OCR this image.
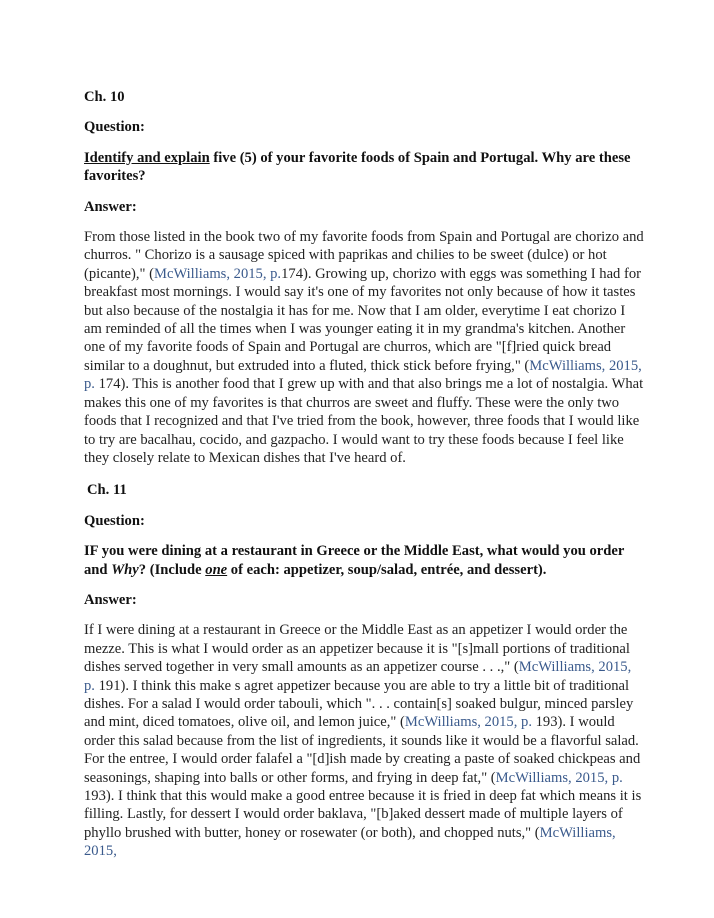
Ch. 10

Question:

Identify and explain five (5) of your favorite foods of Spain and Portugal. Why are these favorites?

Answer:

From those listed in the book two of my favorite foods from Spain and Portugal are chorizo and churros. " Chorizo is a sausage spiced with paprikas and chilies to be sweet (dulce) or hot (picante)," (McWilliams, 2015, p.174). Growing up, chorizo with eggs was something I had for breakfast most mornings. I would say it's one of my favorites not only because of how it tastes but also because of the nostalgia it has for me. Now that I am older, everytime I eat chorizo I am reminded of all the times when I was younger eating it in my grandma's kitchen. Another one of my favorite foods of Spain and Portugal are churros, which are "[f]ried quick bread similar to a doughnut, but extruded into a fluted, thick stick before frying," (McWilliams, 2015, p. 174). This is another food that I grew up with and that also brings me a lot of nostalgia. What makes this one of my favorites is that churros are sweet and fluffy. These were the only two foods that I recognized and that I've tried from the book, however, three foods that I would like to try are bacalhau, cocido, and gazpacho. I would want to try these foods because I feel like they closely relate to Mexican dishes that I've heard of.

Ch. 11

Question:

IF you were dining at a restaurant in Greece or the Middle East, what would you order and Why? (Include one of each: appetizer, soup/salad, entrée, and dessert).

Answer:

If I were dining at a restaurant in Greece or the Middle East as an appetizer I would order the mezze. This is what I would order as an appetizer because it is "[s]mall portions of traditional dishes served together in very small amounts as an appetizer course . . .," (McWilliams, 2015, p. 191). I think this make s agret appetizer because you are able to try a little bit of traditional dishes. For a salad I would order tabouli, which ". . . contain[s] soaked bulgur, minced parsley and mint, diced tomatoes, olive oil, and lemon juice," (McWilliams, 2015, p. 193). I would order this salad because from the list of ingredients, it sounds like it would be a flavorful salad. For the entree, I would order falafel a "[d]ish made by creating a paste of soaked chickpeas and seasonings, shaping into balls or other forms, and frying in deep fat," (McWilliams, 2015, p. 193). I think that this would make a good entree because it is fried in deep fat which means it is filling. Lastly, for dessert I would order baklava, "[b]aked dessert made of multiple layers of phyllo brushed with butter, honey or rosewater (or both), and chopped nuts," (McWilliams, 2015,
